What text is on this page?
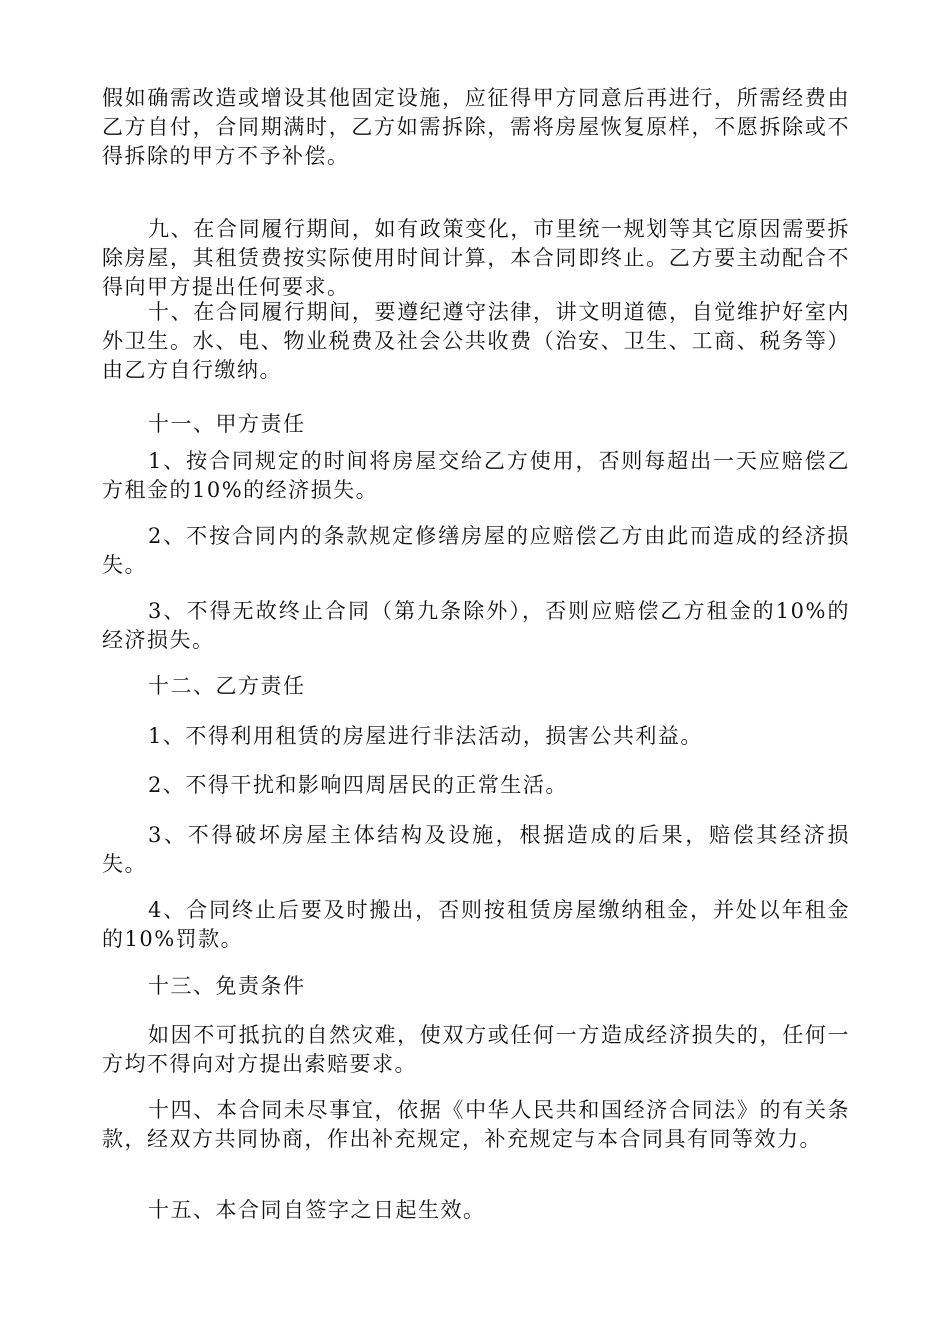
假如确需改造或增设其他固定设施，应征得甲方同意后再进行，所需经费由乙方自付，合同期满时，乙方如需拆除，需将房屋恢复原样，不愿拆除或不得拆除的甲方不予补偿。

九、在合同履行期间，如有政策变化，市里统一规划等其它原因需要拆除房屋，其租赁费按实际使用时间计算，本合同即终止。乙方要主动配合不得向甲方提出任何要求。

十、在合同履行期间，要遵纪遵守法律，讲文明道德，自觉维护好室内外卫生。水、电、物业税费及社会公共收费（治安、卫生、工商、税务等）由乙方自行缴纳。

十一、甲方责任

1、按合同规定的时间将房屋交给乙方使用，否则每超出一天应赔偿乙方租金的10%的经济损失。

2、不按合同内的条款规定修缮房屋的应赔偿乙方由此而造成的经济损失。

3、不得无故终止合同（第九条除外），否则应赔偿乙方租金的10%的经济损失。

十二、乙方责任

1、不得利用租赁的房屋进行非法活动，损害公共利益。

2、不得干扰和影响四周居民的正常生活。

3、不得破坏房屋主体结构及设施，根据造成的后果，赔偿其经济损失。

4、合同终止后要及时搬出，否则按租赁房屋缴纳租金，并处以年租金的10%罚款。

十三、免责条件

如因不可抵抗的自然灾难，使双方或任何一方造成经济损失的，任何一方均不得向对方提出索赔要求。

十四、本合同未尽事宜，依据《中华人民共和国经济合同法》的有关条款，经双方共同协商，作出补充规定，补充规定与本合同具有同等效力。

十五、本合同自签字之日起生效。
